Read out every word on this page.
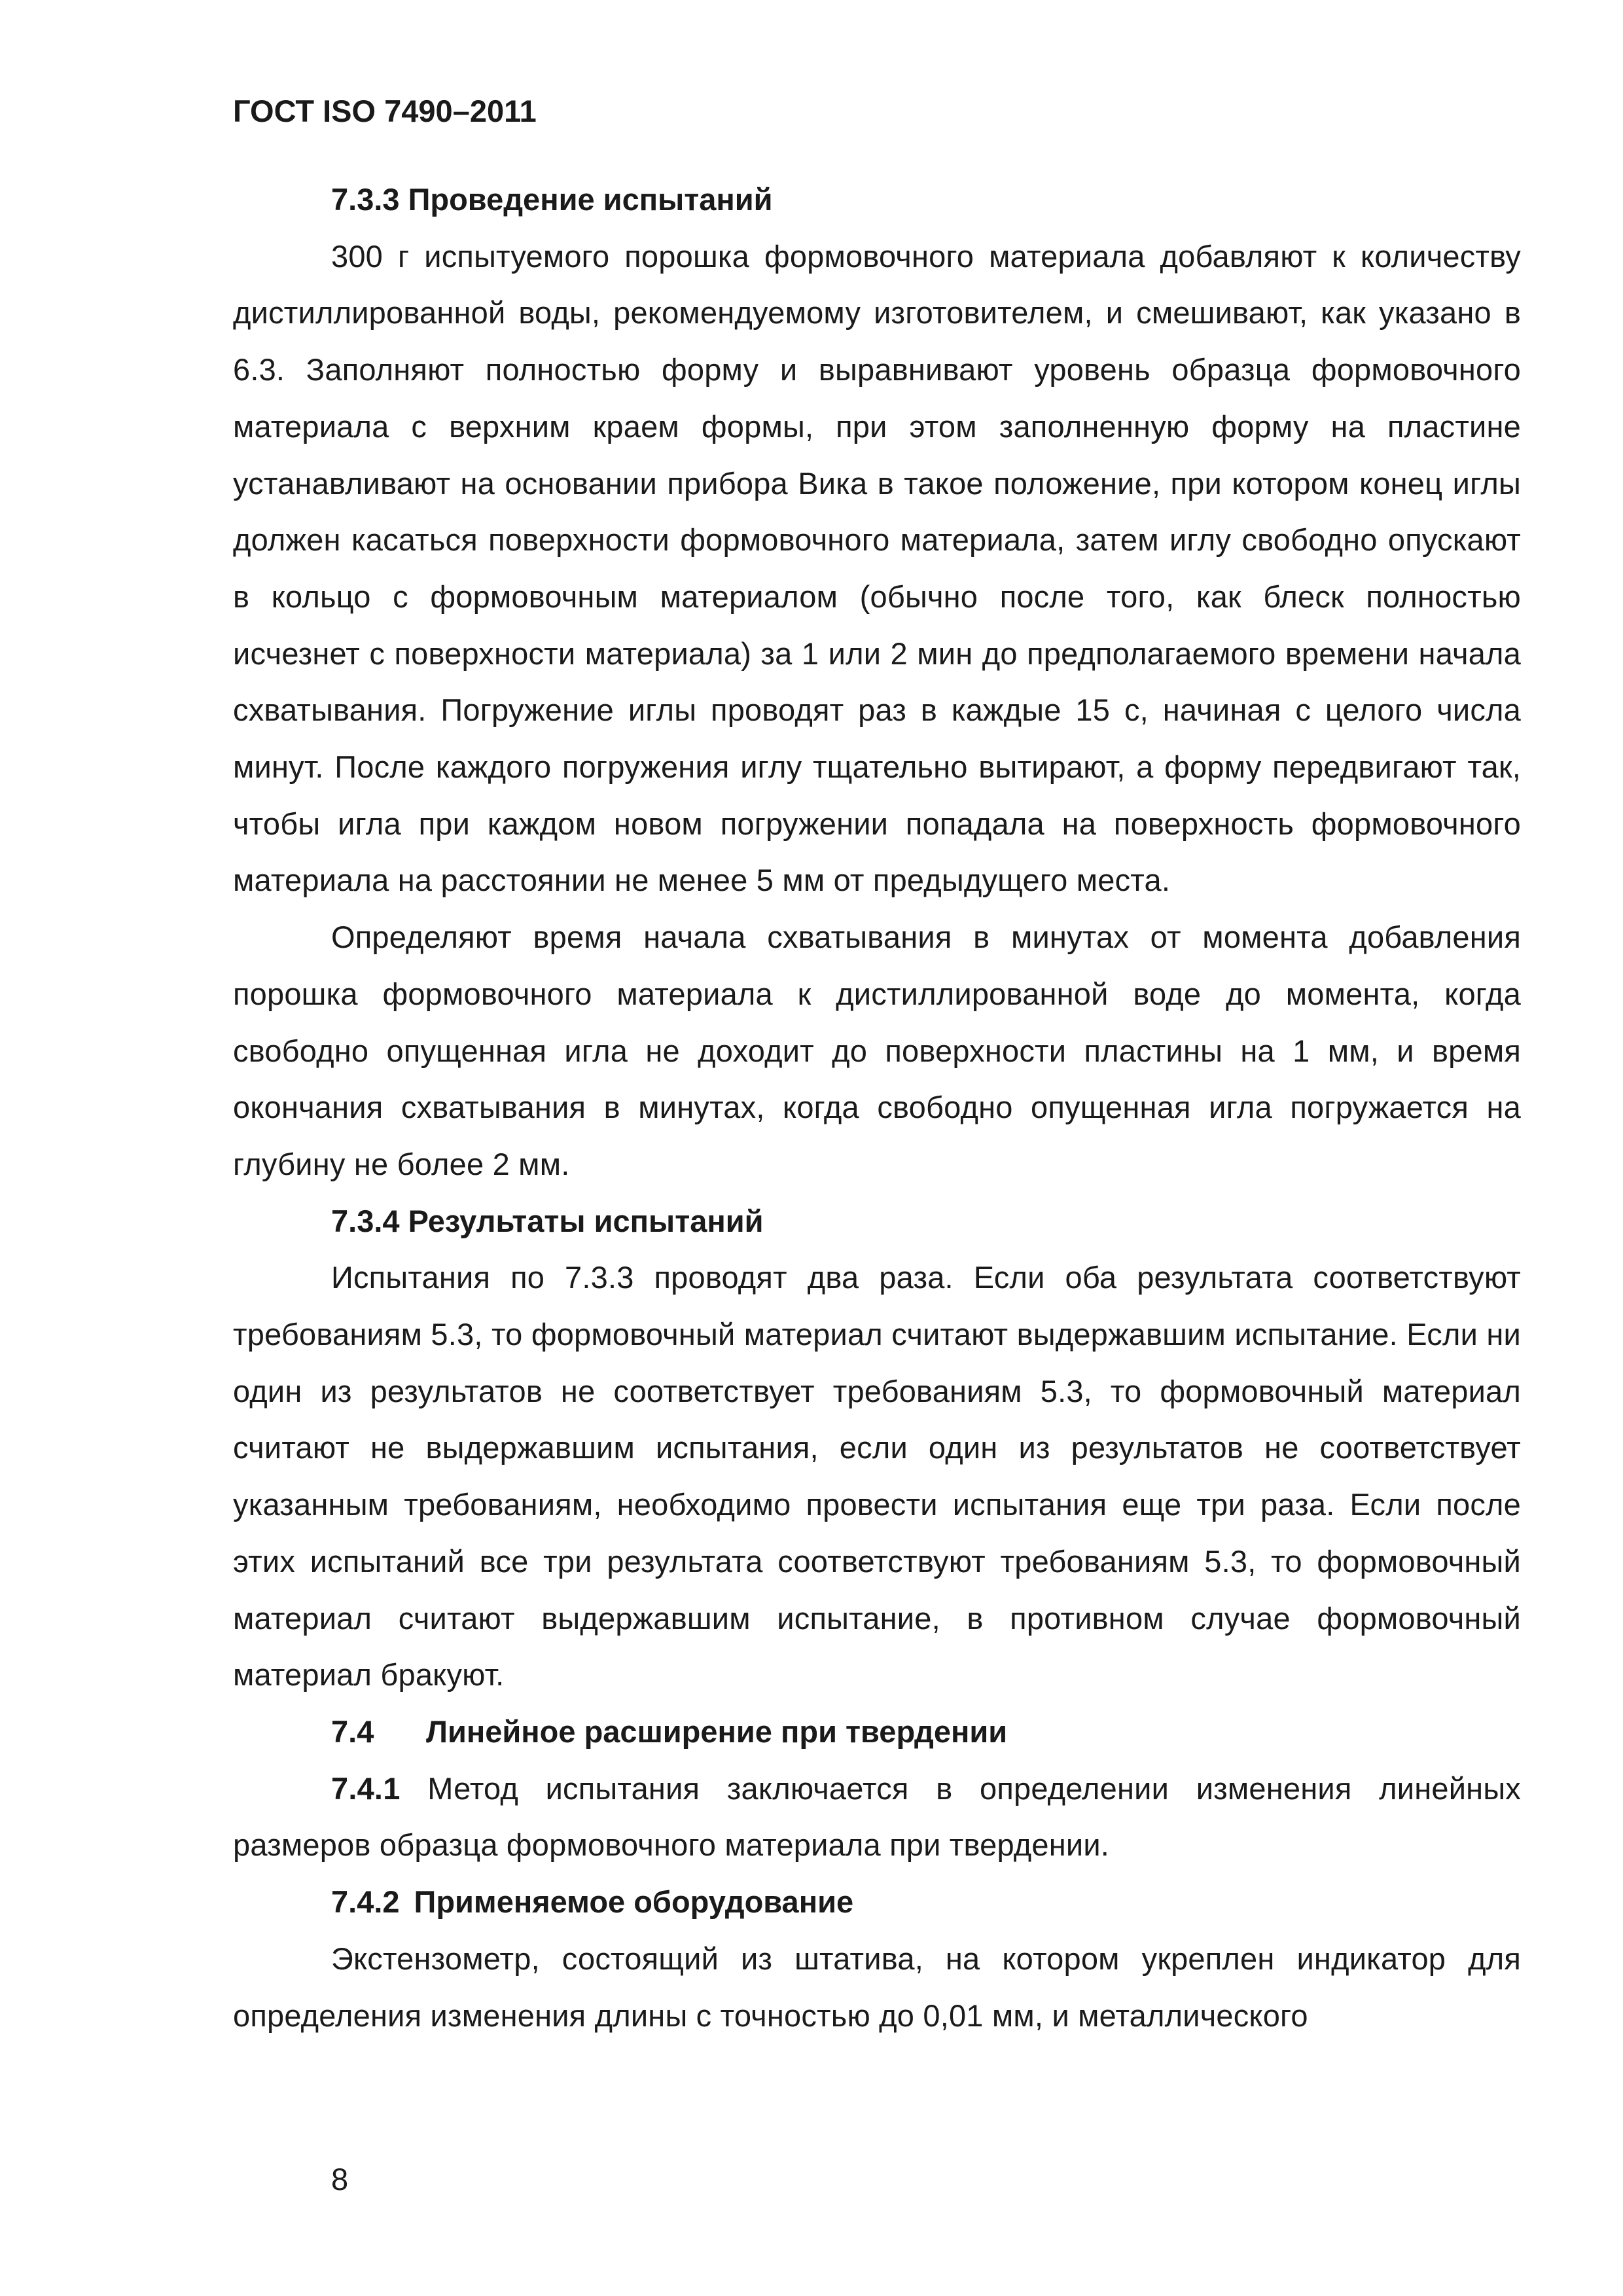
ГОСТ ISO 7490–2011

7.3.3 Проведение испытаний

300 г испытуемого порошка формовочного материала добавляют к количеству дистиллированной воды, рекомендуемому изготовителем, и смешивают, как указано в 6.3. Заполняют полностью форму и выравнивают уровень образца формовочного материала с верхним краем формы, при этом заполненную форму на пластине устанавливают на основании прибора Вика в такое положение, при котором конец иглы должен касаться поверхности формовочного материала, затем иглу свободно опускают в кольцо с формовочным материалом (обычно после того, как блеск полностью исчезнет с поверхности материала) за 1 или 2 мин до предполагаемого времени начала схватывания. Погружение иглы проводят раз в каждые 15 с, начиная с целого числа минут. После каждого погружения иглу тщательно вытирают, а форму передвигают так, чтобы игла при каждом новом погружении попадала на поверхность формовочного материала на расстоянии не менее 5 мм от предыдущего места.

Определяют время начала схватывания в минутах от момента добавления порошка формовочного материала к дистиллированной воде до момента, когда свободно опущенная игла не доходит до поверхности пластины на 1 мм, и время окончания схватывания в минутах, когда свободно опущенная игла погружается на глубину не более 2 мм.

7.3.4 Результаты испытаний

Испытания по 7.3.3 проводят два раза. Если оба результата соответствуют требованиям 5.3, то формовочный материал считают выдержавшим испытание. Если ни один из результатов не соответствует требованиям 5.3, то формовочный материал считают не выдержавшим испытания, если один из результатов не соответствует указанным требованиям, необходимо провести испытания еще три раза. Если после этих испытаний все три результата соответствуют требованиям 5.3, то формовочный материал считают выдержавшим испытание, в противном случае формовочный материал бракуют.

7.4 Линейное расширение при твердении

7.4.1 Метод испытания заключается в определении изменения линейных размеров образца формовочного материала при твердении.

7.4.2 Применяемое оборудование

Экстензометр, состоящий из штатива, на котором укреплен индикатор для определения изменения длины с точностью до 0,01 мм, и металлического

8
